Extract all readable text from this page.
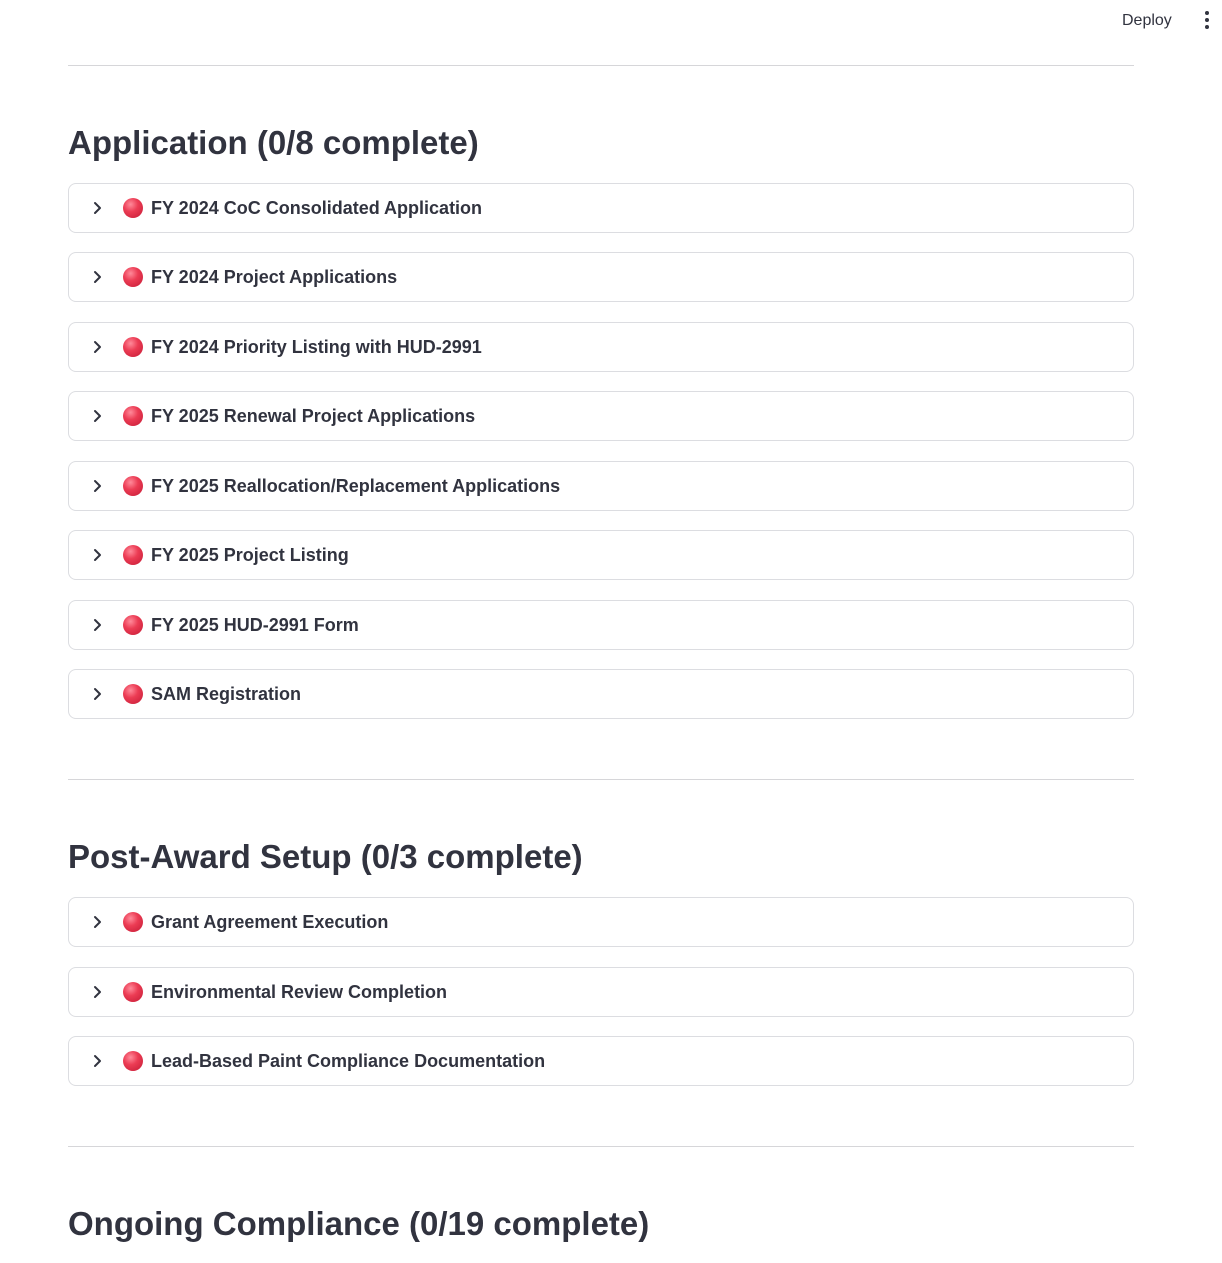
Deploy
Application (0/8 complete)
FY 2024 CoC Consolidated Application
FY 2024 Project Applications
FY 2024 Priority Listing with HUD-2991
FY 2025 Renewal Project Applications
FY 2025 Reallocation/Replacement Applications
FY 2025 Project Listing
FY 2025 HUD-2991 Form
SAM Registration
Post-Award Setup (0/3 complete)
Grant Agreement Execution
Environmental Review Completion
Lead-Based Paint Compliance Documentation
Ongoing Compliance (0/19 complete)
